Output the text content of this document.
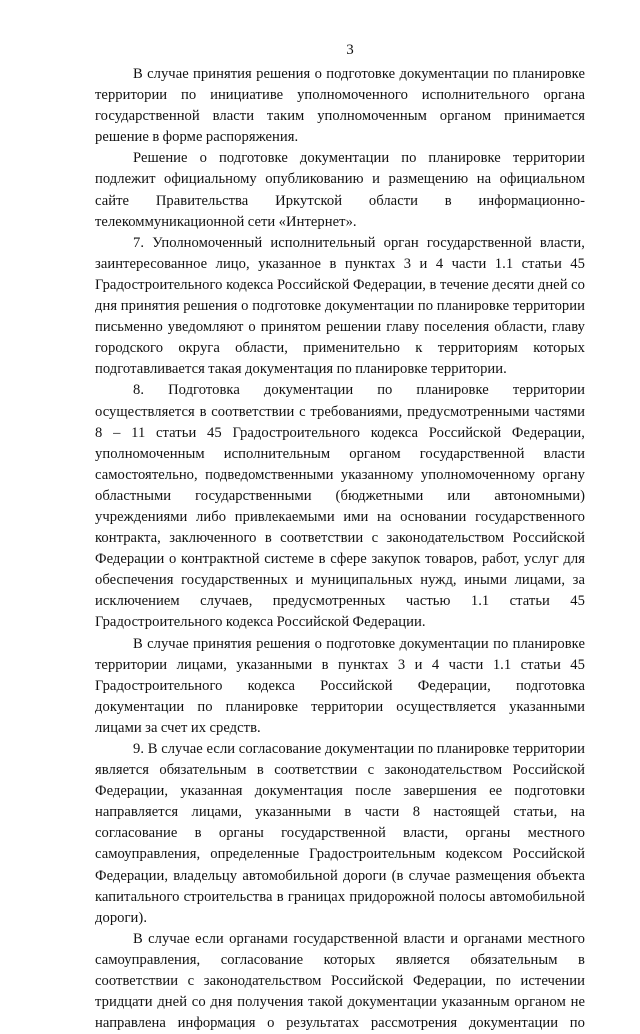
3

В случае принятия решения о подготовке документации по планировке территории по инициативе уполномоченного исполнительного органа государственной власти таким уполномоченным органом принимается решение в форме распоряжения.

Решение о подготовке документации по планировке территории подлежит официальному опубликованию и размещению на официальном сайте Правительства Иркутской области в информационно-телекоммуникационной сети «Интернет».

7. Уполномоченный исполнительный орган государственной власти, заинтересованное лицо, указанное в пунктах 3 и 4 части 1.1 статьи 45 Градостроительного кодекса Российской Федерации, в течение десяти дней со дня принятия решения о подготовке документации по планировке территории письменно уведомляют о принятом решении главу поселения области, главу городского округа области, применительно к территориям которых подготавливается такая документация по планировке территории.

8. Подготовка документации по планировке территории осуществляется в соответствии с требованиями, предусмотренными частями 8 – 11 статьи 45 Градостроительного кодекса Российской Федерации, уполномоченным исполнительным органом государственной власти самостоятельно, подведомственными указанному уполномоченному органу областными государственными (бюджетными или автономными) учреждениями либо привлекаемыми ими на основании государственного контракта, заключенного в соответствии с законодательством Российской Федерации о контрактной системе в сфере закупок товаров, работ, услуг для обеспечения государственных и муниципальных нужд, иными лицами, за исключением случаев, предусмотренных частью 1.1 статьи 45 Градостроительного кодекса Российской Федерации.

В случае принятия решения о подготовке документации по планировке территории лицами, указанными в пунктах 3 и 4 части 1.1 статьи 45 Градостроительного кодекса Российской Федерации, подготовка документации по планировке территории осуществляется указанными лицами за счет их средств.

9. В случае если согласование документации по планировке территории является обязательным в соответствии с законодательством Российской Федерации, указанная документация после завершения ее подготовки направляется лицами, указанными в части 8 настоящей статьи, на согласование в органы государственной власти, органы местного самоуправления, определенные Градостроительным кодексом Российской Федерации, владельцу автомобильной дороги (в случае размещения объекта капитального строительства в границах придорожной полосы автомобильной дороги).

В случае если органами государственной власти и органами местного самоуправления, согласование которых является обязательным в соответствии с законодательством Российской Федерации, по истечении тридцати дней со дня получения такой документации указанным органом не направлена информация о результатах рассмотрения документации по
